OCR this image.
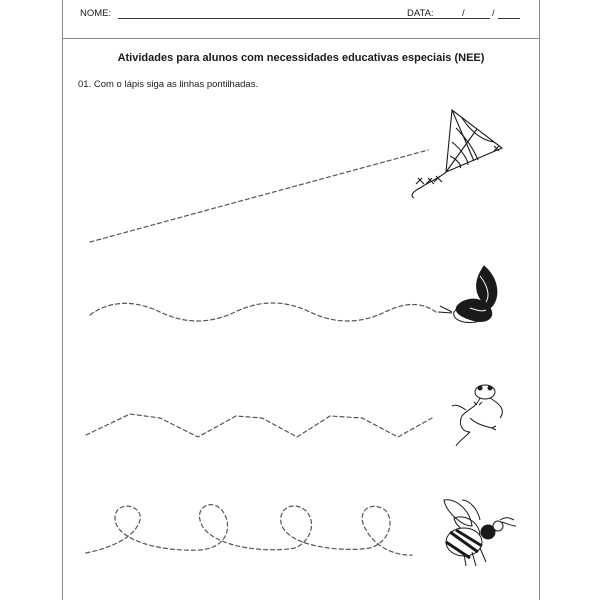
NOME:	DATA:	/	/
Atividades para alunos com necessidades educativas especiais (NEE)
01. Com o lápis siga as linhas pontilhadas.
